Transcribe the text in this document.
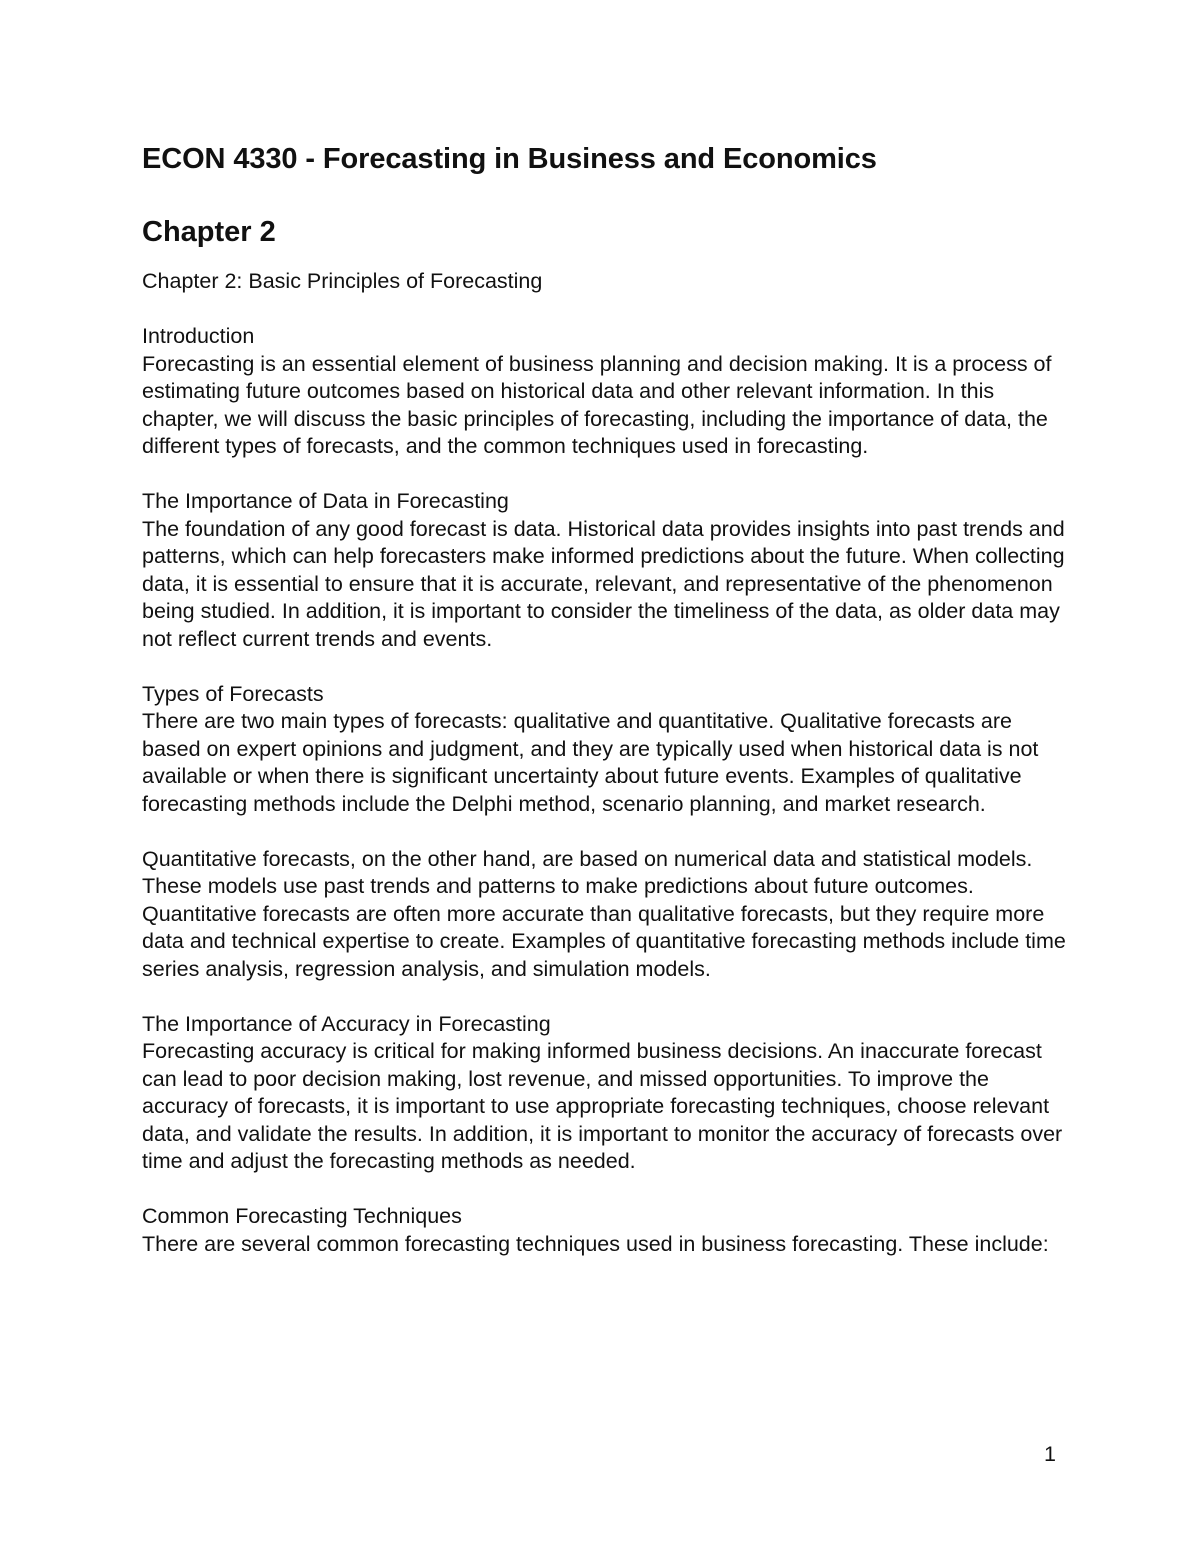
ECON 4330 - Forecasting in Business and Economics
Chapter 2

Chapter 2: Basic Principles of Forecasting

Introduction

Forecasting is an essential element of business planning and decision making. It is a process of estimating future outcomes based on historical data and other relevant information. In this chapter, we will discuss the basic principles of forecasting, including the importance of data, the different types of forecasts, and the common techniques used in forecasting.

The Importance of Data in Forecasting

The foundation of any good forecast is data. Historical data provides insights into past trends and patterns, which can help forecasters make informed predictions about the future. When collecting data, it is essential to ensure that it is accurate, relevant, and representative of the phenomenon being studied. In addition, it is important to consider the timeliness of the data, as older data may not reflect current trends and events.

Types of Forecasts

There are two main types of forecasts: qualitative and quantitative. Qualitative forecasts are based on expert opinions and judgment, and they are typically used when historical data is not available or when there is significant uncertainty about future events. Examples of qualitative forecasting methods include the Delphi method, scenario planning, and market research.

Quantitative forecasts, on the other hand, are based on numerical data and statistical models. These models use past trends and patterns to make predictions about future outcomes. Quantitative forecasts are often more accurate than qualitative forecasts, but they require more data and technical expertise to create. Examples of quantitative forecasting methods include time series analysis, regression analysis, and simulation models.

The Importance of Accuracy in Forecasting

Forecasting accuracy is critical for making informed business decisions. An inaccurate forecast can lead to poor decision making, lost revenue, and missed opportunities. To improve the accuracy of forecasts, it is important to use appropriate forecasting techniques, choose relevant data, and validate the results. In addition, it is important to monitor the accuracy of forecasts over time and adjust the forecasting methods as needed.

Common Forecasting Techniques

There are several common forecasting techniques used in business forecasting. These include:

1
